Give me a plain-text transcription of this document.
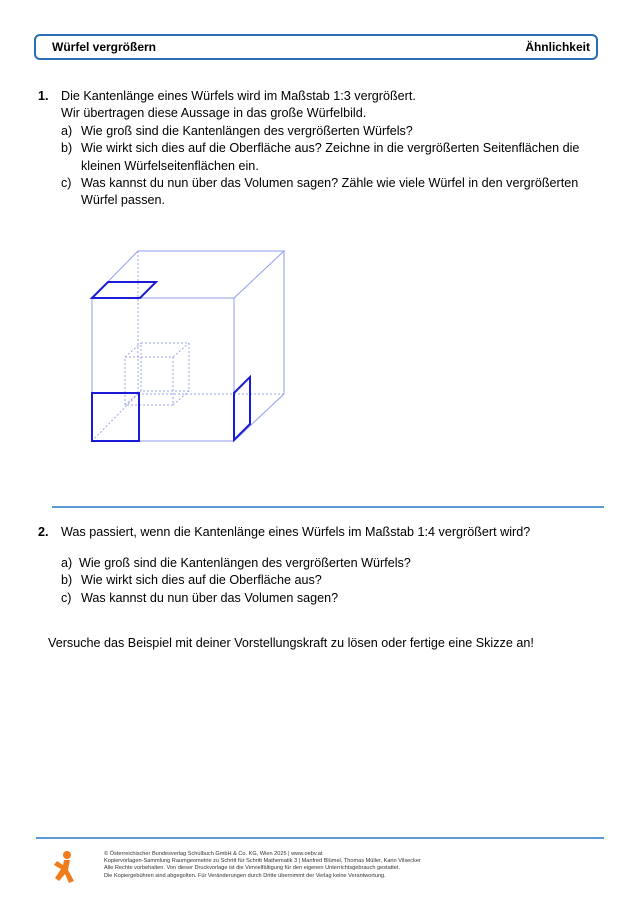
Würfel vergrößern	Ähnlichkeit
1. Die Kantenlänge eines Würfels wird im Maßstab 1:3 vergrößert.
Wir übertragen diese Aussage in das große Würfelbild.
a) Wie groß sind die Kantenlängen des vergrößerten Würfels?
b) Wie wirkt sich dies auf die Oberfläche aus? Zeichne in die vergrößerten Seitenflächen die
kleinen Würfelseitenflächen ein.
c) Was kannst du nun über das Volumen sagen? Zähle wie viele Würfel in den vergrößerten
Würfel passen.
2. Was passiert, wenn die Kantenlänge eines Würfels im Maßstab 1:4 vergrößert wird?
a) Wie groß sind die Kantenlängen des vergrößerten Würfels?
b) Wie wirkt sich dies auf die Oberfläche aus?
c) Was kannst du nun über das Volumen sagen?
Versuche das Beispiel mit deiner Vorstellungskraft zu lösen oder fertige eine Skizze an!
© Österreichischer Bundesverlag Schulbuch GmbH & Co. KG, Wien 2025 | www.oebv.at
Kopiervorlagen-Sammlung Raumgeometrie zu Schritt für Schritt Mathematik 3 | Manfred Blümel, Thomas Müller, Karin Vilsecker
Alle Rechte vorbehalten. Von dieser Druckvorlage ist die Vervielfältigung für den eigenen Unterrichtsgebrauch gestattet.
Die Kopiergebühren sind abgegolten. Für Veränderungen durch Dritte übernimmt der Verlag keine Verantwortung.
